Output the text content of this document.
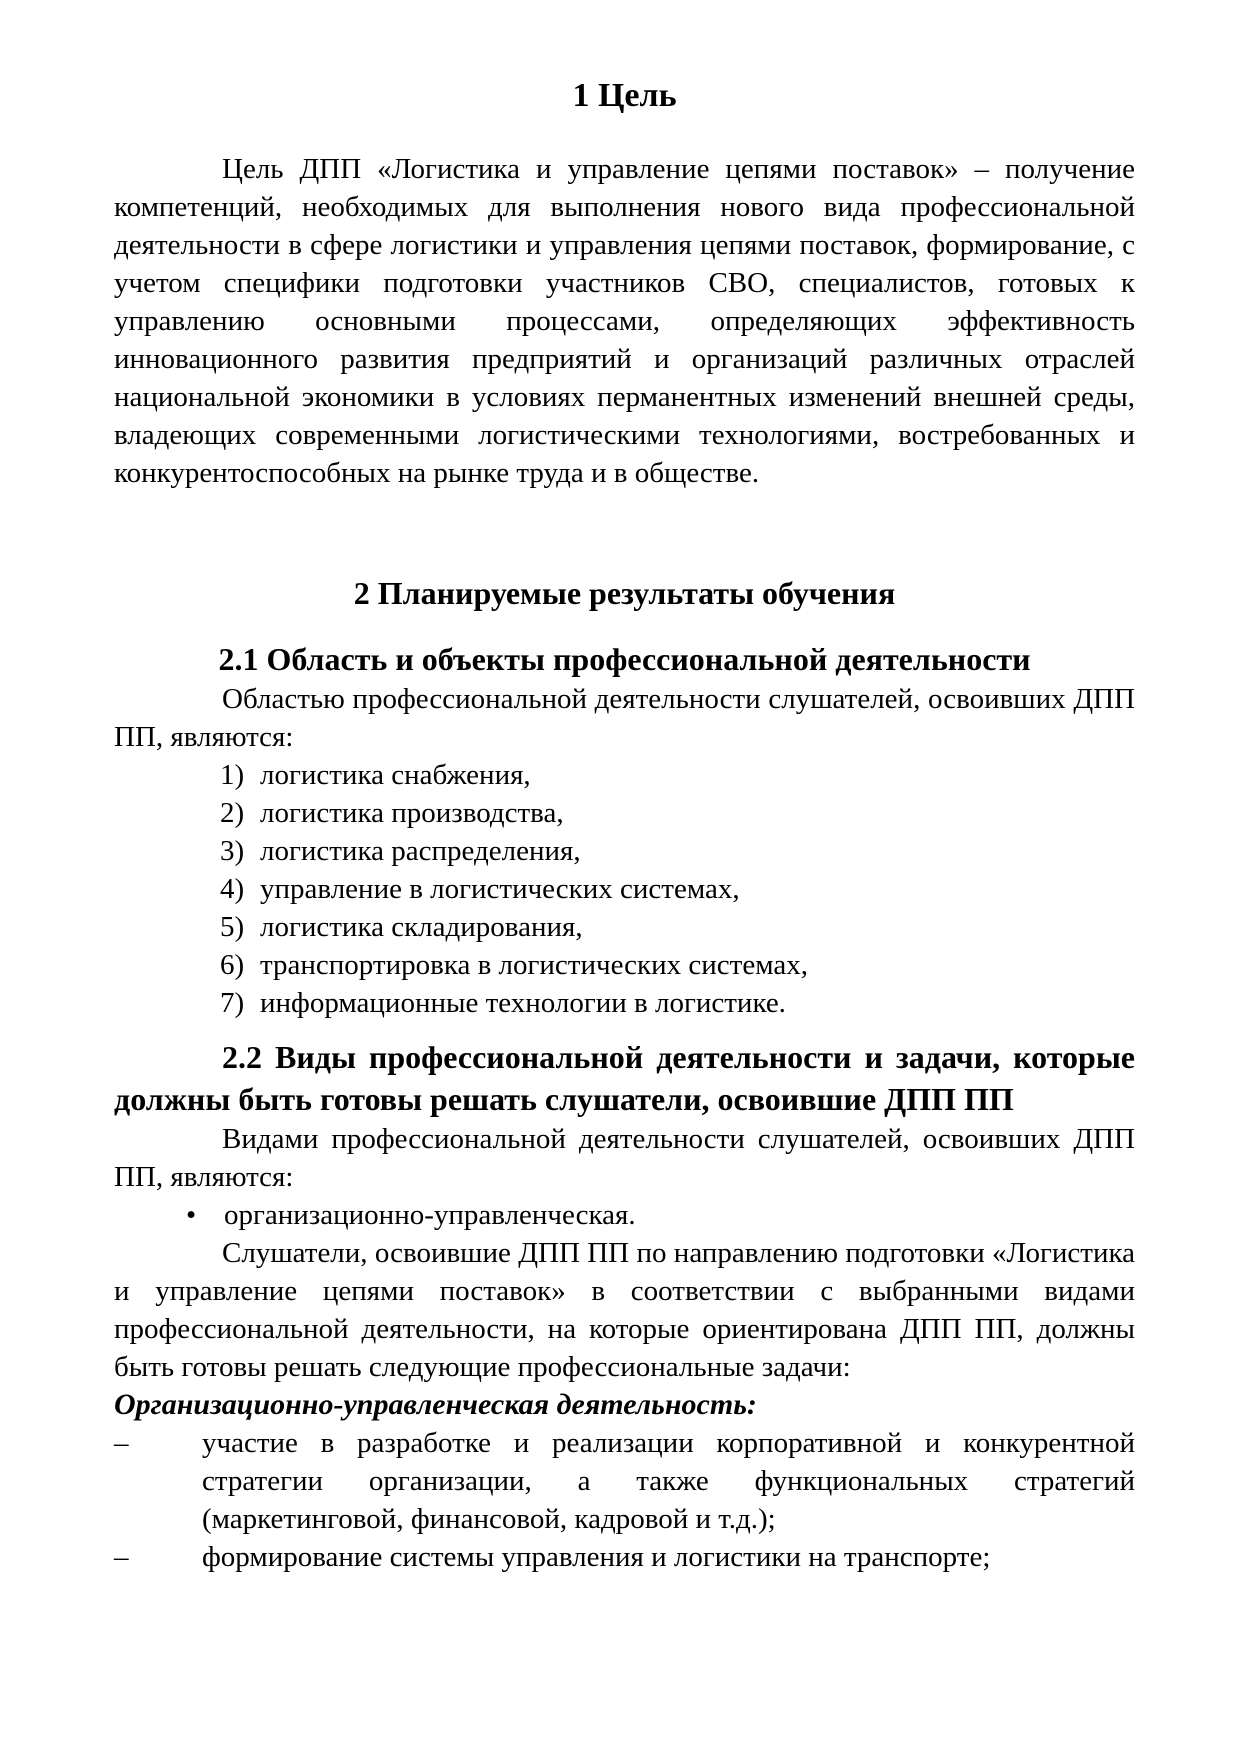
1 Цель

Цель ДПП «Логистика и управление цепями поставок» – получение компетенций, необходимых для выполнения нового вида профессиональной деятельности в сфере логистики и управления цепями поставок, формирование, с учетом специфики подготовки участников СВО, специалистов, готовых к управлению основными процессами, определяющих эффективность инновационного развития предприятий и организаций различных отраслей национальной экономики в условиях перманентных изменений внешней среды, владеющих современными логистическими технологиями, востребованных и конкурентоспособных на рынке труда и в обществе.

2 Планируемые результаты обучения
2.1 Область и объекты профессиональной деятельности

Областью профессиональной деятельности слушателей, освоивших ДПП ПП, являются:

1) логистика снабжения,
2) логистика производства,
3) логистика распределения,
4) управление в логистических системах,
5) логистика складирования,
6) транспортировка в логистических системах,
7) информационные технологии в логистике.
2.2 Виды профессиональной деятельности и задачи, которые должны быть готовы решать слушатели, освоившие ДПП ПП

Видами профессиональной деятельности слушателей, освоивших ДПП ПП, являются:

• организационно-управленческая.

Слушатели, освоившие ДПП ПП по направлению подготовки «Логистика и управление цепями поставок» в соответствии с выбранными видами профессиональной деятельности, на которые ориентирована ДПП ПП, должны быть готовы решать следующие профессиональные задачи:

Организационно-управленческая деятельность:

–	участие в разработке и реализации корпоративной и конкурентной стратегии организации, а также функциональных стратегий (маркетинговой, финансовой, кадровой и т.д.);
–	формирование системы управления и логистики на транспорте;
